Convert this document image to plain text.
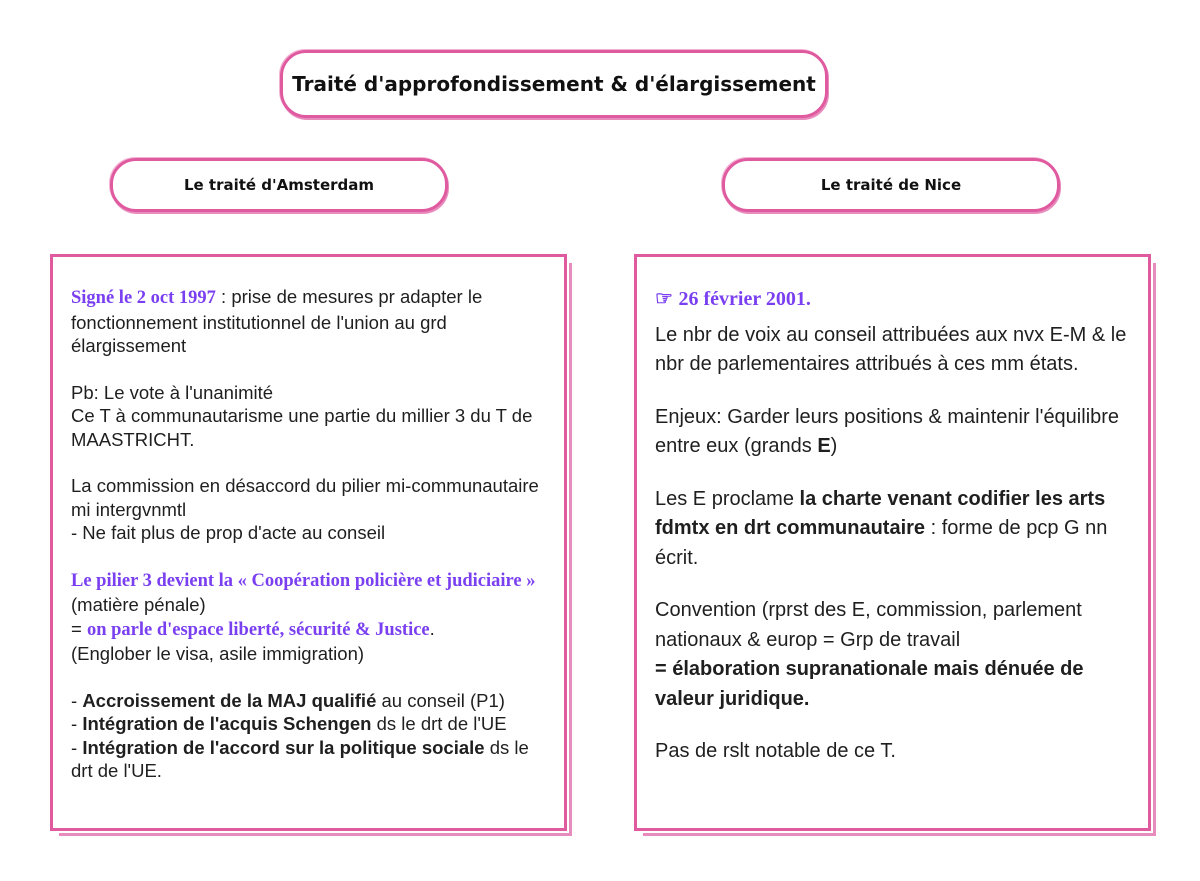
Traité d'approfondissement & d'élargissement
Le traité d'Amsterdam	Le traité de Nice

Signé le 2 oct 1997 : prise de mesures pr adapter le fonctionnement institutionnel de l'union au grd élargissement

Pb: Le vote à l'unanimité
Ce T à communautarisme une partie du millier 3 du T de MAASTRICHT.

La commission en désaccord du pilier mi-communautaire mi intergvnmtl
- Ne fait plus de prop d'acte au conseil

Le pilier 3 devient la « Coopération policière et judiciaire » (matière pénale)
= on parle d'espace liberté, sécurité & Justice.
(Englober le visa, asile immigration)

- Accroissement de la MAJ qualifié au conseil (P1)
- Intégration de l'acquis Schengen ds le drt de l'UE
- Intégration de l'accord sur la politique sociale ds le drt de l'UE.

☞ 26 février 2001.

Le nbr de voix au conseil attribuées aux nvx E-M & le nbr de parlementaires attribués à ces mm états.

Enjeux: Garder leurs positions & maintenir l'équilibre entre eux (grands E)

Les E proclame la charte venant codifier les arts fdmtx en drt communautaire : forme de pcp G nn écrit.

Convention (rprst des E, commission, parlement nationaux & europ = Grp de travail
= élaboration supranationale mais dénuée de valeur juridique.

Pas de rslt notable de ce T.
